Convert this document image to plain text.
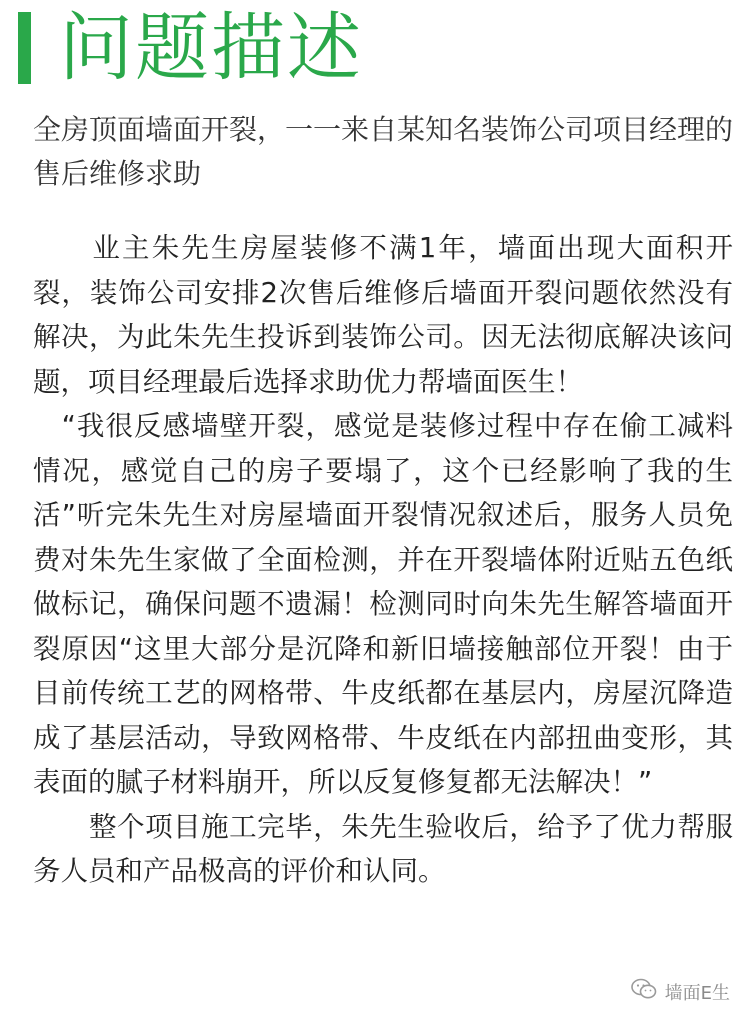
问题描述
全房顶面墙面开裂，一一来自某知名装饰公司项目经理的售后维修求助

　　业主朱先生房屋装修不满1年，墙面出现大面积开裂，装饰公司安排2次售后维修后墙面开裂问题依然没有解决，为此朱先生投诉到装饰公司。因无法彻底解决该问题，项目经理最后选择求助优力帮墙面医生！

　“我很反感墙壁开裂，感觉是装修过程中存在偷工减料情况，感觉自己的房子要塌了，这个已经影响了我的生活”听完朱先生对房屋墙面开裂情况叙述后，服务人员免费对朱先生家做了全面检测，并在开裂墙体附近贴五色纸做标记，确保问题不遗漏！检测同时向朱先生解答墙面开裂原因“这里大部分是沉降和新旧墙接触部位开裂！由于目前传统工艺的网格带、牛皮纸都在基层内，房屋沉降造成了基层活动，导致网格带、牛皮纸在内部扭曲变形，其表面的腻子材料崩开，所以反复修复都无法解决！”

　　整个项目施工完毕，朱先生验收后，给予了优力帮服务人员和产品极高的评价和认同。

墙面E生
